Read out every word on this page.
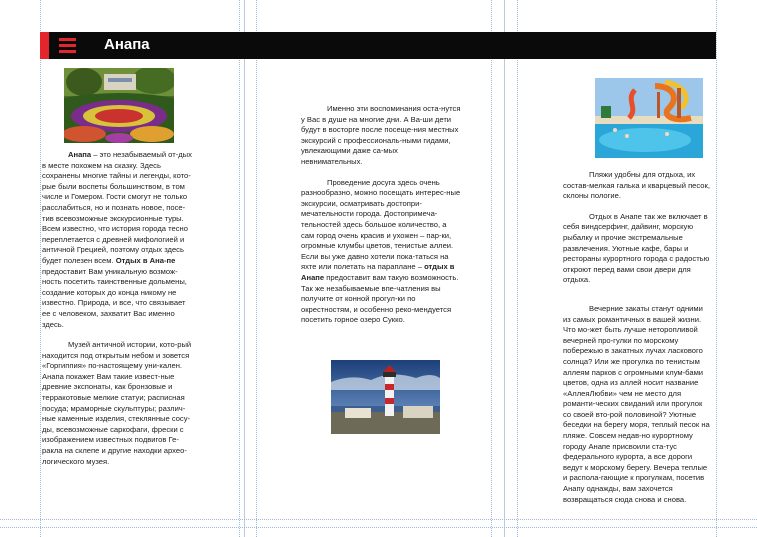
Анапа

Анапа – это незабываемый от-дых в месте похожем на сказку. Здесь сохранены многие тайны и легенды, кото-рые были воспеты большинством, в том числе и Гомером. Гости смогут не только расслабиться, но и познать новое, посе-тив всевозможные экскурсионные туры. Всем известно, что история города тесно переплетается с древней мифологией и античной Грецией, поэтому отдых здесь будет полезен всем. Отдых в Ана-пе предоставит Вам уникальную возмож-ность посетить таинственные дольмены, создание которых до конца никому не известно. Природа, и все, что связывает ее с человеком, захватит Вас именно здесь.

Музей античной истории, кото-рый находится под открытым небом и зовется «Горгиппия» по-настоящему уни-кален. Анапа покажет Вам такие извест-ные древние экспонаты, как бронзовые и терракотовые мелкие статуи; расписная посуда; мраморные скульптуры; различ-ные каменные изделия, стеклянные сосу-ды, всевозможные саркофаги, фрески с изображением известных подвигов Ге-ракла на склепе и другие находки архео-логического музея.

Именно эти воспоминания оста-нутся у Вас в душе на многие дни. А Ва-ши дети будут в восторге после посеще-ния местных экскурсий с профессиональ-ными гидами, увлекающими даже са-мых невнимательных.

Проведение досуга здесь очень разнообразно, можно посещать интерес-ные экскурсии, осматривать достопри-мечательности города. Достопримеча-тельностей здесь большое количество, а сам город очень красив и ухожен – пар-ки, огромные клумбы цветов, тенистые аллеи. Если вы уже давно хотели пока-таться на яхте или полетать на параплане – отдых в Анапе предоставит вам такую возможность. Так же незабываемые впе-чатления вы получите от конной прогул-ки по окрестностям, и особенно реко-мендуется посетить горное озеро Сукко.

Пляжи удобны для отдыха, их состав-мелкая галька и кварцевый песок, склоны пологие.

Отдых в Анапе так же включает в себя виндсерфинг, дайвинг, морскую рыбалку и прочие экстремальные развлечения. Уютные кафе, бары и рестораны курортного города с радостью откроют перед вами свои двери для отдыха.

Вечерние закаты станут одними из самых романтичных в вашей жизни. Что мо-жет быть лучше неторопливой вечерней про-гулки по морскому побережью в закатных лучах ласкового солнца? Или же прогулка по тенистым аллеям парков с огромными клум-бами цветов, одна из аллей носит название «АллеяЛюбви» чем не место для романти-ческих свиданий или прогулок со своей вто-рой половиной? Уютные беседки на берегу моря, теплый песок на пляже. Совсем недав-но курортному городу Анапе присвоили ста-тус федерального курорта, а все дороги ведут к морскому берегу. Вечера теплые и распола-гающие к прогулкам, посетив Анапу однажды, вам захочется возвращаться сюда снова и снова.
